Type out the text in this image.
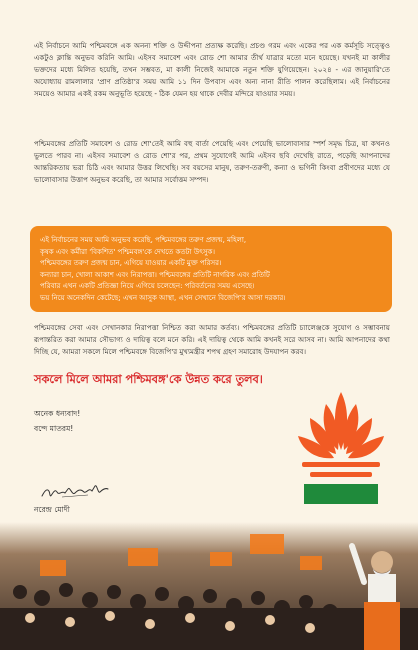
এই নির্বাচনে আমি পশ্চিমবঙ্গে এক অনন্য শক্তি ও উদ্দীপনা প্রত্যক্ষ করেছি। প্রচণ্ড গরম এবং একের পর এক কর্মসূচি সত্ত্বেও একটুও ক্লান্তি অনুভব করিনি আমি। এইসব সমাবেশ এবং রোড শো আমার তীর্থ যাত্রার মতো মনে হয়েছে। যখনই মা কালীর ভক্তদের মধ্যে মিলিত হয়েছি, তখন সম্ভবত, মা কালী নিজেই আমাকে নতুন শক্তি যুগিয়েছেন। ২০২৪ - এর জানুয়ারি'তে অযোধ্যায় রামলালার 'প্রাণ প্রতিষ্ঠা'র সময় আমি ১১ দিন উপবাস এবং অন্য নানা রীতি পালন করেছিলাম। এই নির্বাচনের সময়েও আমার একই রকম অনুভূতি হয়েছে - ঠিক যেমন হয় থাকে দেবীর মন্দিরে যাওয়ার সময়।

পশ্চিমবঙ্গের প্রতিটি সমাবেশ ও রোড শো'তেই আমি বহু বার্তা পেয়েছি এবং পেয়েছি ভালোবাসার স্পর্শ সমৃদ্ধ চিত্র, যা কখনও ভুলতে পারব না। এইসব সমাবেশ ও রোড শো'র পর, প্রথম সুযোগেই আমি এইসব ছবি দেখেছি রাতে, পড়েছি আপনাদের আন্তরিকতায় ভরা চিঠি এবং আমার উত্তর লিখেছি। সব বয়সের মানুষ, তরুণ-তরুণী, কন্যা ও ভগিনী কিংবা প্রবীণদের মধ্যে যে ভালোবাসার উত্তাপ অনুভব করেছি, তা আমার সর্বোত্তম সম্পদ।

এই নির্বাচনের সময় আমি অনুভব করেছি, পশ্চিমবঙ্গের তরুণ প্রজন্ম, মহিলা,
কৃষক এবং কর্মীরা 'বিকশিত' পশ্চিমবঙ্গ'কে দেখতে কতটা উৎসুক।
পশ্চিমবঙ্গের তরুণ প্রজন্ম চান, এগিয়ে যাওয়ার একটি মুক্ত পরিসর।
কন্যারা চান, খোলা আকাশ এবং নিরাপত্তা। পশ্চিমবঙ্গের প্রতিটি নাগরিক এবং প্রতিটি
পরিবার এখন একটি প্রতিজ্ঞা নিয়ে এগিয়ে চলেছেন: পরিবর্তনের সময় এসেছে।
ভয় নিয়ে অনেকদিন কেটেছে; এখন আসুক আস্থা, এখন সেখানে বিজেপি'র আসা দরকার।

পশ্চিমবঙ্গের সেবা এবং সেখানকার নিরাপত্তা নিশ্চিত করা আমার কর্তব্য। পশ্চিমবঙ্গের প্রতিটি চ্যালেঞ্জকে সুযোগ ও সম্ভাবনায় রূপান্তরিত করা আমার সৌভাগ্য ও দায়িত্ব বলে মনে করি। এই দায়িত্ব থেকে আমি কখনই সরে আসব না। আমি আপনাদের কথা দিচ্ছি যে, আমরা সকলে মিলে পশ্চিমবঙ্গে বিজেপি'র মুখ্যমন্ত্রীর শপথ গ্রহণ সমারোহ উদযাপন করব।

সকলে মিলে আমরা পশ্চিমবঙ্গ'কে উন্নত করে তুলব।

অনেক ধন্যবাদ!
বন্দে মাতরম!
নরেন্দ্র মোদী
